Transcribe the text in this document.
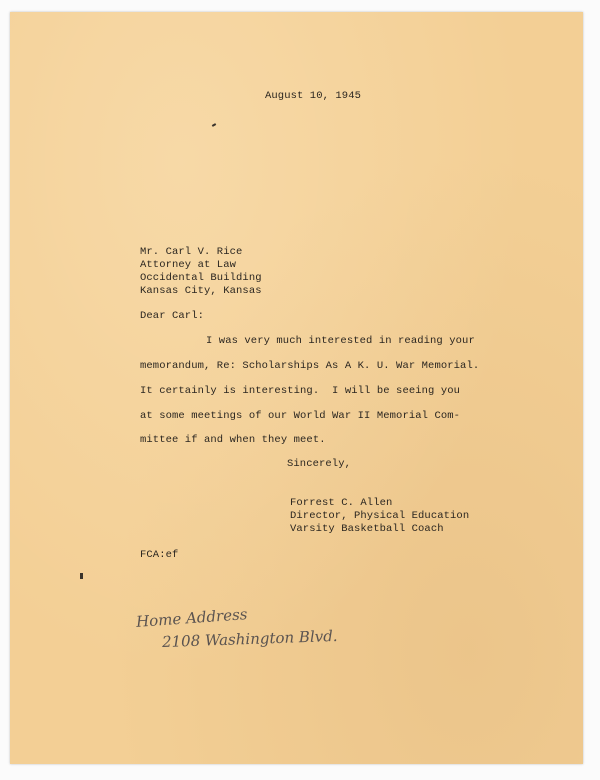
August 10, 1945
Mr. Carl V. Rice
Attorney at Law
Occidental Building
Kansas City, Kansas
Dear Carl:
I was very much interested in reading your
memorandum, Re: Scholarships As A K. U. War Memorial.
It certainly is interesting.  I will be seeing you
at some meetings of our World War II Memorial Com-
mittee if and when they meet.
Sincerely,
Forrest C. Allen
Director, Physical Education
Varsity Basketball Coach
FCA:ef
Home Address
2108 Washington Blvd.
